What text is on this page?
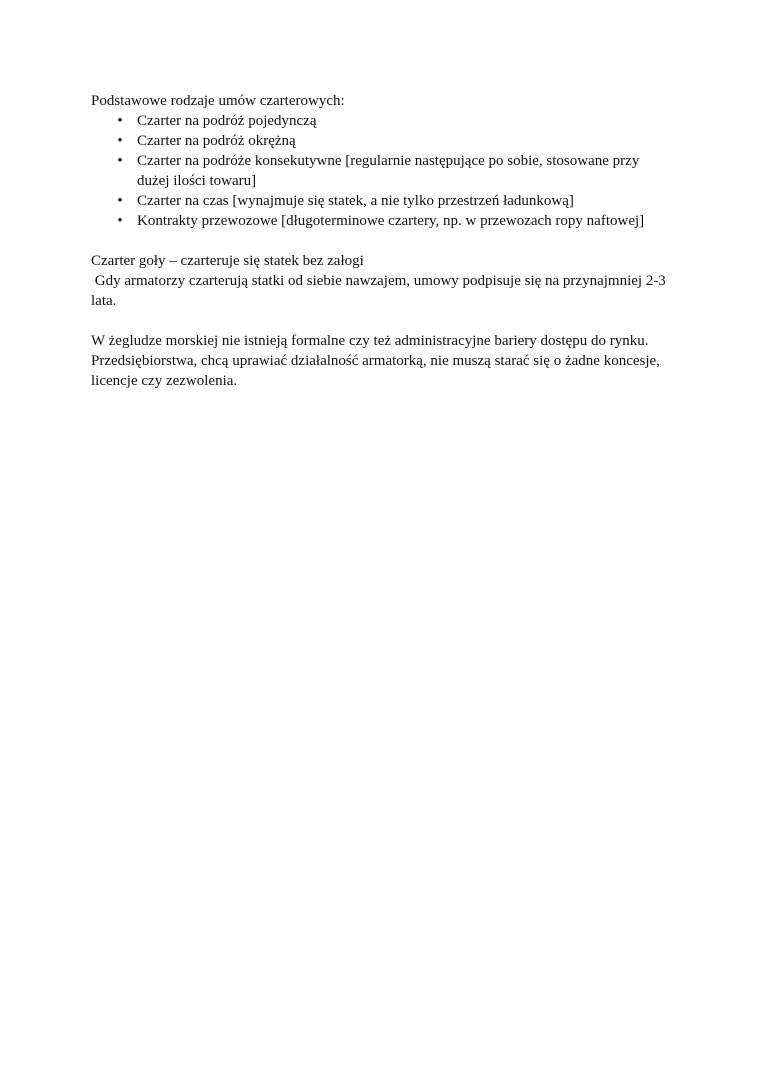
Podstawowe rodzaje umów czarterowych:

• Czarter na podróż pojedynczą
• Czarter na podróż okrężną
• Czarter na podróże konsekutywne [regularnie następujące po sobie, stosowane przy dużej ilości towaru]
• Czarter na czas [wynajmuje się statek, a nie tylko przestrzeń ładunkową]
• Kontrakty przewozowe [długoterminowe czartery, np. w przewozach ropy naftowej]

Czarter goły – czarteruje się statek bez załogi

Gdy armatorzy czarterują statki od siebie nawzajem, umowy podpisuje się na przynajmniej 2-3 lata.

W żegludze morskiej nie istnieją formalne czy też administracyjne bariery dostępu do rynku. Przedsiębiorstwa, chcą uprawiać działalność armatorką, nie muszą starać się o żadne koncesje, licencje czy zezwolenia.
